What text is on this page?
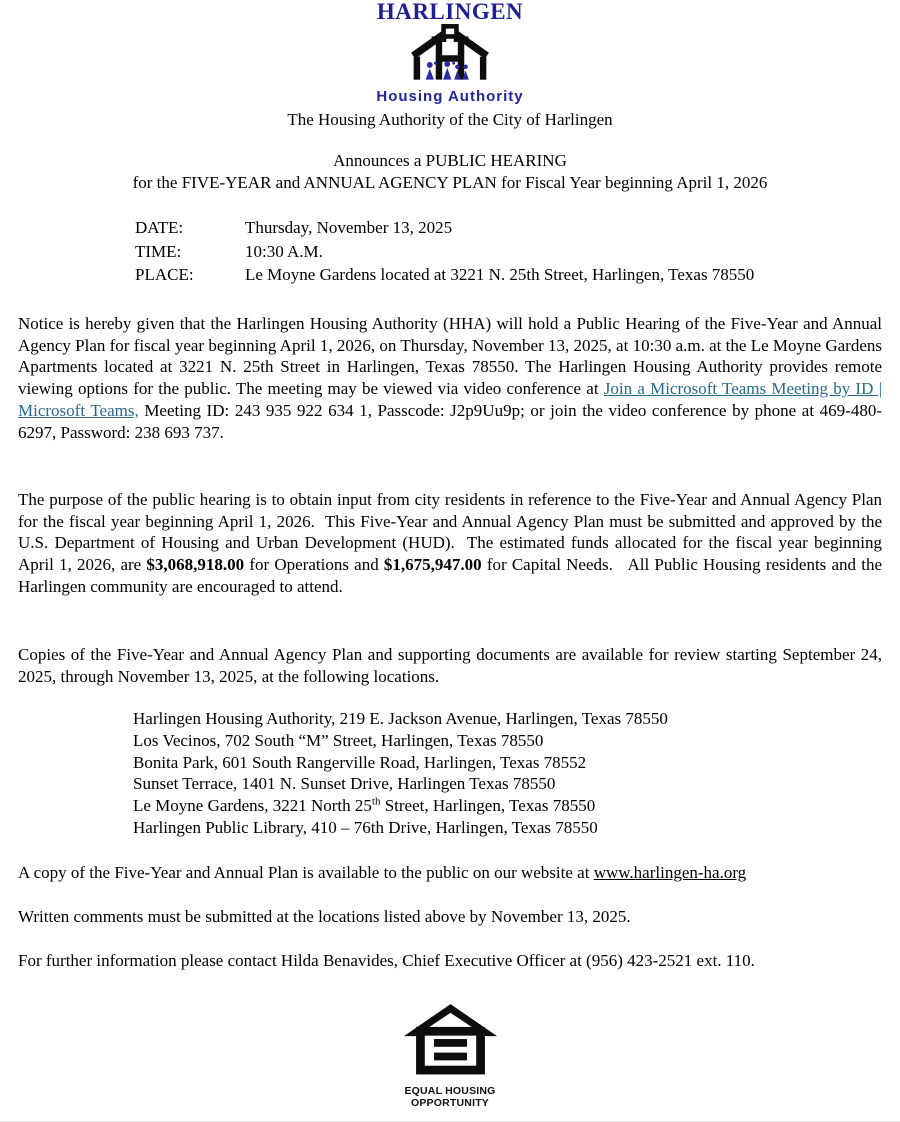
HARLINGEN
Housing Authority
The Housing Authority of the City of Harlingen
Announces a PUBLIC HEARING
for the FIVE-YEAR and ANNUAL AGENCY PLAN for Fiscal Year beginning April 1, 2026
DATE:	Thursday, November 13, 2025
TIME:	10:30 A.M.
PLACE:	Le Moyne Gardens located at 3221 N. 25th Street, Harlingen, Texas 78550
Notice is hereby given that the Harlingen Housing Authority (HHA) will hold a Public Hearing of the Five-Year and Annual Agency Plan for fiscal year beginning April 1, 2026, on Thursday, November 13, 2025, at 10:30 a.m. at the Le Moyne Gardens Apartments located at 3221 N. 25th Street in Harlingen, Texas 78550. The Harlingen Housing Authority provides remote viewing options for the public. The meeting may be viewed via video conference at Join a Microsoft Teams Meeting by ID | Microsoft Teams, Meeting ID: 243 935 922 634 1, Passcode: J2p9Uu9p; or join the video conference by phone at 469-480-6297, Password: 238 693 737.
The purpose of the public hearing is to obtain input from city residents in reference to the Five-Year and Annual Agency Plan for the fiscal year beginning April 1, 2026.  This Five-Year and Annual Agency Plan must be submitted and approved by the U.S. Department of Housing and Urban Development (HUD).  The estimated funds allocated for the fiscal year beginning April 1, 2026, are $3,068,918.00 for Operations and $1,675,947.00 for Capital Needs.   All Public Housing residents and the Harlingen community are encouraged to attend.
Copies of the Five-Year and Annual Agency Plan and supporting documents are available for review starting September 24, 2025, through November 13, 2025, at the following locations.
Harlingen Housing Authority, 219 E. Jackson Avenue, Harlingen, Texas 78550
Los Vecinos, 702 South “M” Street, Harlingen, Texas 78550
Bonita Park, 601 South Rangerville Road, Harlingen, Texas 78552
Sunset Terrace, 1401 N. Sunset Drive, Harlingen Texas 78550
Le Moyne Gardens, 3221 North 25th Street, Harlingen, Texas 78550
Harlingen Public Library, 410 – 76th Drive, Harlingen, Texas 78550
A copy of the Five-Year and Annual Plan is available to the public on our website at www.harlingen-ha.org
Written comments must be submitted at the locations listed above by November 13, 2025.
For further information please contact Hilda Benavides, Chief Executive Officer at (956) 423-2521 ext. 110.
EQUAL HOUSING
OPPORTUNITY
